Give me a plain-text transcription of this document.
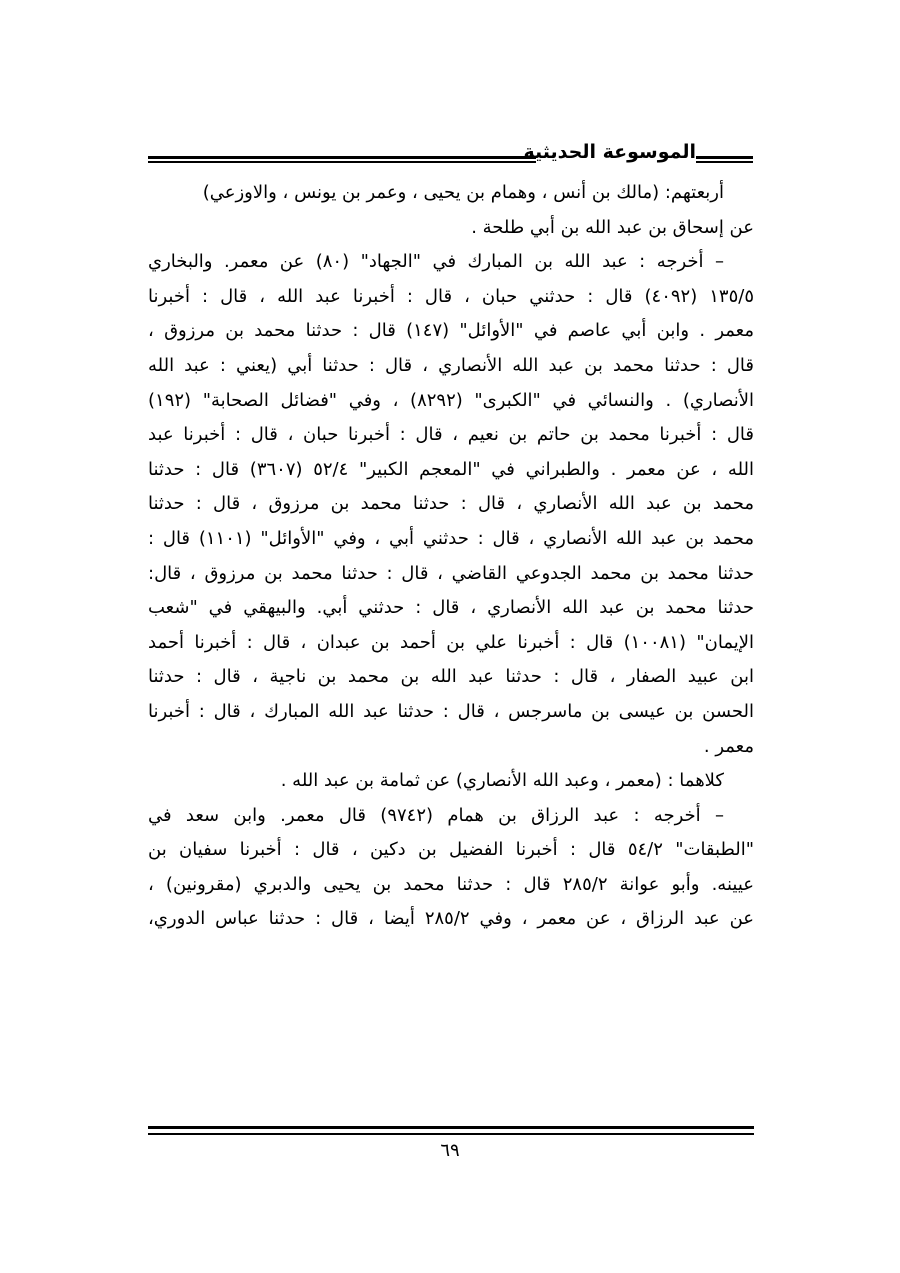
الموسوعة الحديثية
أربعتهم: (مالك بن أنس ، وهمام بن يحيى ، وعمر بن يونس ، والاوزعي)
عن إسحاق بن عبد الله بن أبي طلحة .
– أخرجه : عبد الله بن المبارك في "الجهاد" (٨٠) عن معمر. والبخاري
١٣٥/٥ (٤٠٩٢) قال : حدثني حبان ، قال : أخبرنا عبد الله ، قال : أخبرنا
معمر . وابن أبي عاصم في "الأوائل" (١٤٧) قال : حدثنا محمد بن مرزوق ،
قال : حدثنا محمد بن عبد الله الأنصاري ، قال : حدثنا أبي (يعني : عبد الله
الأنصاري) . والنسائي في "الكبرى" (٨٢٩٢) ، وفي "فضائل الصحابة" (١٩٢)
قال : أخبرنا محمد بن حاتم بن نعيم ، قال : أخبرنا حبان ، قال : أخبرنا عبد
الله ، عن معمر . والطبراني في "المعجم الكبير" ٥٢/٤ (٣٦٠٧) قال : حدثنا
محمد بن عبد الله الأنصاري ، قال : حدثنا محمد بن مرزوق ، قال : حدثنا
محمد بن عبد الله الأنصاري ، قال : حدثني أبي ، وفي "الأوائل" (١١٠١) قال :
حدثنا محمد بن محمد الجدوعي القاضي ، قال : حدثنا محمد بن مرزوق ، قال:
حدثنا محمد بن عبد الله الأنصاري ، قال : حدثني أبي. والبيهقي في "شعب
الإيمان" (١٠٠٨١) قال : أخبرنا علي بن أحمد بن عبدان ، قال : أخبرنا أحمد
ابن عبيد الصفار ، قال : حدثنا عبد الله بن محمد بن ناجية ، قال : حدثنا
الحسن بن عيسى بن ماسرجس ، قال : حدثنا عبد الله المبارك ، قال : أخبرنا
معمر .
كلاهما : (معمر ، وعبد الله الأنصاري) عن ثمامة بن عبد الله .
– أخرجه : عبد الرزاق بن همام (٩٧٤٢) قال معمر. وابن سعد في
"الطبقات" ٥٤/٢ قال : أخبرنا الفضيل بن دكين ، قال : أخبرنا سفيان بن
عيينه. وأبو عوانة ٢٨٥/٢ قال : حدثنا محمد بن يحيى والدبري (مقرونين) ،
عن عبد الرزاق ، عن معمر ، وفي ٢٨٥/٢ أيضا ، قال : حدثنا عباس الدوري،
٦٩
